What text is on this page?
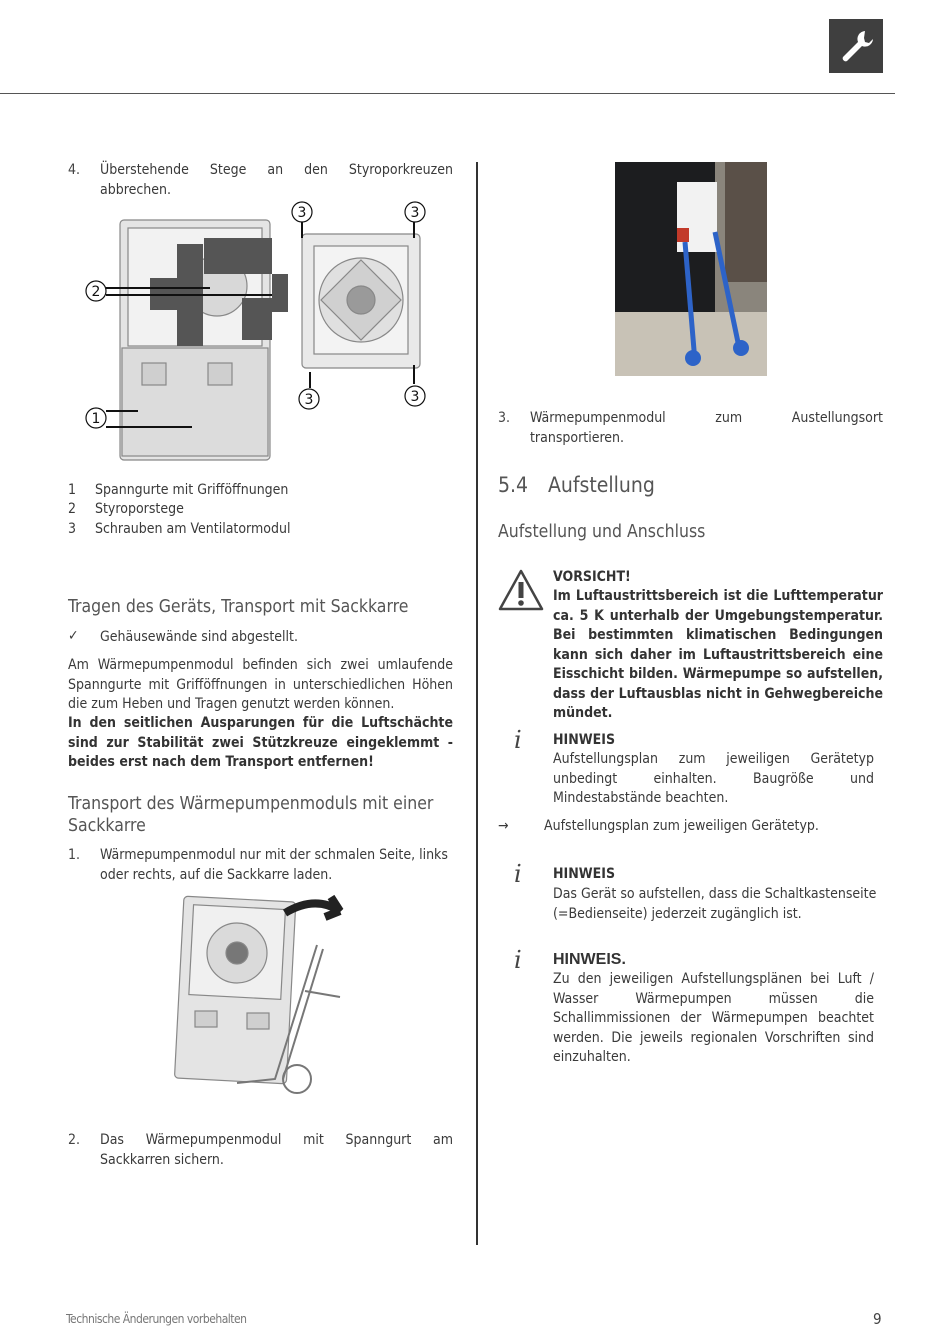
4. Überstehende Stege an den Styroporkreuzen abbrechen.
2
1
3	3
3	3
1 Spanngurte mit Grifföffnungen
2 Styroporstege
3 Schrauben am Ventilatormodul
Tragen des Geräts, Transport mit Sackkarre
✓ Gehäusewände sind abgestellt.
Am Wärmepumpenmodul befinden sich zwei umlaufende Spanngurte mit Grifföffnungen in unterschiedlichen Höhen die zum Heben und Tragen genutzt werden können.
In den seitlichen Ausparungen für die Luftschächte sind zur Stabilität zwei Stützkreuze eingeklemmt - beides erst nach dem Transport entfernen!
Transport des Wärmepumpenmoduls mit einer Sackkarre
1. Wärmepumpenmodul nur mit der schmalen Seite, links oder rechts, auf die Sackkarre laden.
2. Das Wärmepumpenmodul mit Spanngurt am Sackkarren sichern.
3. Wärmepumpenmodul zum Austellungsort transportieren.
5.4 Aufstellung
Aufstellung und Anschluss
VORSICHT!
Im Luftaustrittsbereich ist die Lufttemperatur ca. 5 K unterhalb der Umgebungstemperatur. Bei bestimmten klimatischen Bedingungen kann sich daher im Luftaustrittsbereich eine Eisschicht bilden. Wärmepumpe so aufstellen, dass der Luftausblas nicht in Gehwegbereiche mündet.
i HINWEIS
Aufstellungsplan zum jeweiligen Gerätetyp unbedingt einhalten. Baugröße und Mindestabstände beachten.
→	Aufstellungsplan zum jeweiligen Gerätetyp.
i HINWEIS
Das Gerät so aufstellen, dass die Schaltkastenseite (=Bedienseite) jederzeit zugänglich ist.
i HINWEIS.
Zu den jeweiligen Aufstellungsplänen bei Luft / Wasser Wärmepumpen müssen die Schallimmissionen der Wärmepumpen beachtet werden. Die jeweils regionalen Vorschriften sind einzuhalten.
Technische Änderungen vorbehalten	9
